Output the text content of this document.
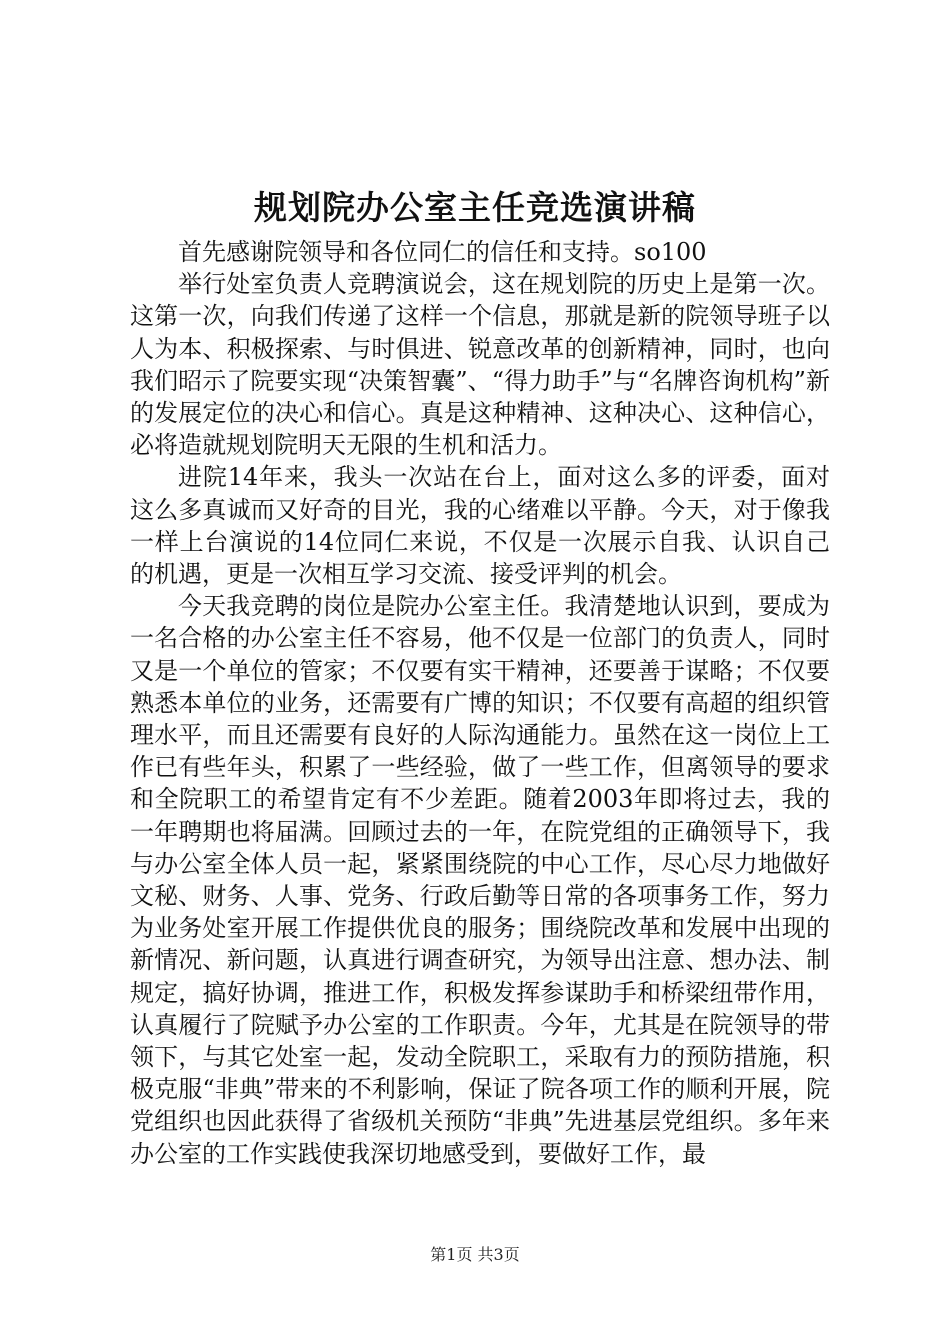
规划院办公室主任竞选演讲稿

首先感谢院领导和各位同仁的信任和支持。so100

举行处室负责人竞聘演说会，这在规划院的历史上是第一次。这第一次，向我们传递了这样一个信息，那就是新的院领导班子以人为本、积极探索、与时俱进、锐意改革的创新精神，同时，也向我们昭示了院要实现“决策智囊”、“得力助手”与“名牌咨询机构”新的发展定位的决心和信心。真是这种精神、这种决心、这种信心，必将造就规划院明天无限的生机和活力。

进院14年来，我头一次站在台上，面对这么多的评委，面对这么多真诚而又好奇的目光，我的心绪难以平静。今天，对于像我一样上台演说的14位同仁来说，不仅是一次展示自我、认识自己的机遇，更是一次相互学习交流、接受评判的机会。

今天我竞聘的岗位是院办公室主任。我清楚地认识到，要成为一名合格的办公室主任不容易，他不仅是一位部门的负责人，同时又是一个单位的管家；不仅要有实干精神，还要善于谋略；不仅要熟悉本单位的业务，还需要有广博的知识；不仅要有高超的组织管理水平，而且还需要有良好的人际沟通能力。虽然在这一岗位上工作已有些年头，积累了一些经验，做了一些工作，但离领导的要求和全院职工的希望肯定有不少差距。随着2003年即将过去，我的一年聘期也将届满。回顾过去的一年，在院党组的正确领导下，我与办公室全体人员一起，紧紧围绕院的中心工作，尽心尽力地做好文秘、财务、人事、党务、行政后勤等日常的各项事务工作，努力为业务处室开展工作提供优良的服务；围绕院改革和发展中出现的新情况、新问题，认真进行调查研究，为领导出注意、想办法、制规定，搞好协调，推进工作，积极发挥参谋助手和桥梁纽带作用，认真履行了院赋予办公室的工作职责。今年，尤其是在院领导的带领下，与其它处室一起，发动全院职工，采取有力的预防措施，积极克服“非典”带来的不利影响，保证了院各项工作的顺利开展，院党组织也因此获得了省级机关预防“非典”先进基层党组织。多年来办公室的工作实践使我深切地感受到，要做好工作，最

第1页 共3页
